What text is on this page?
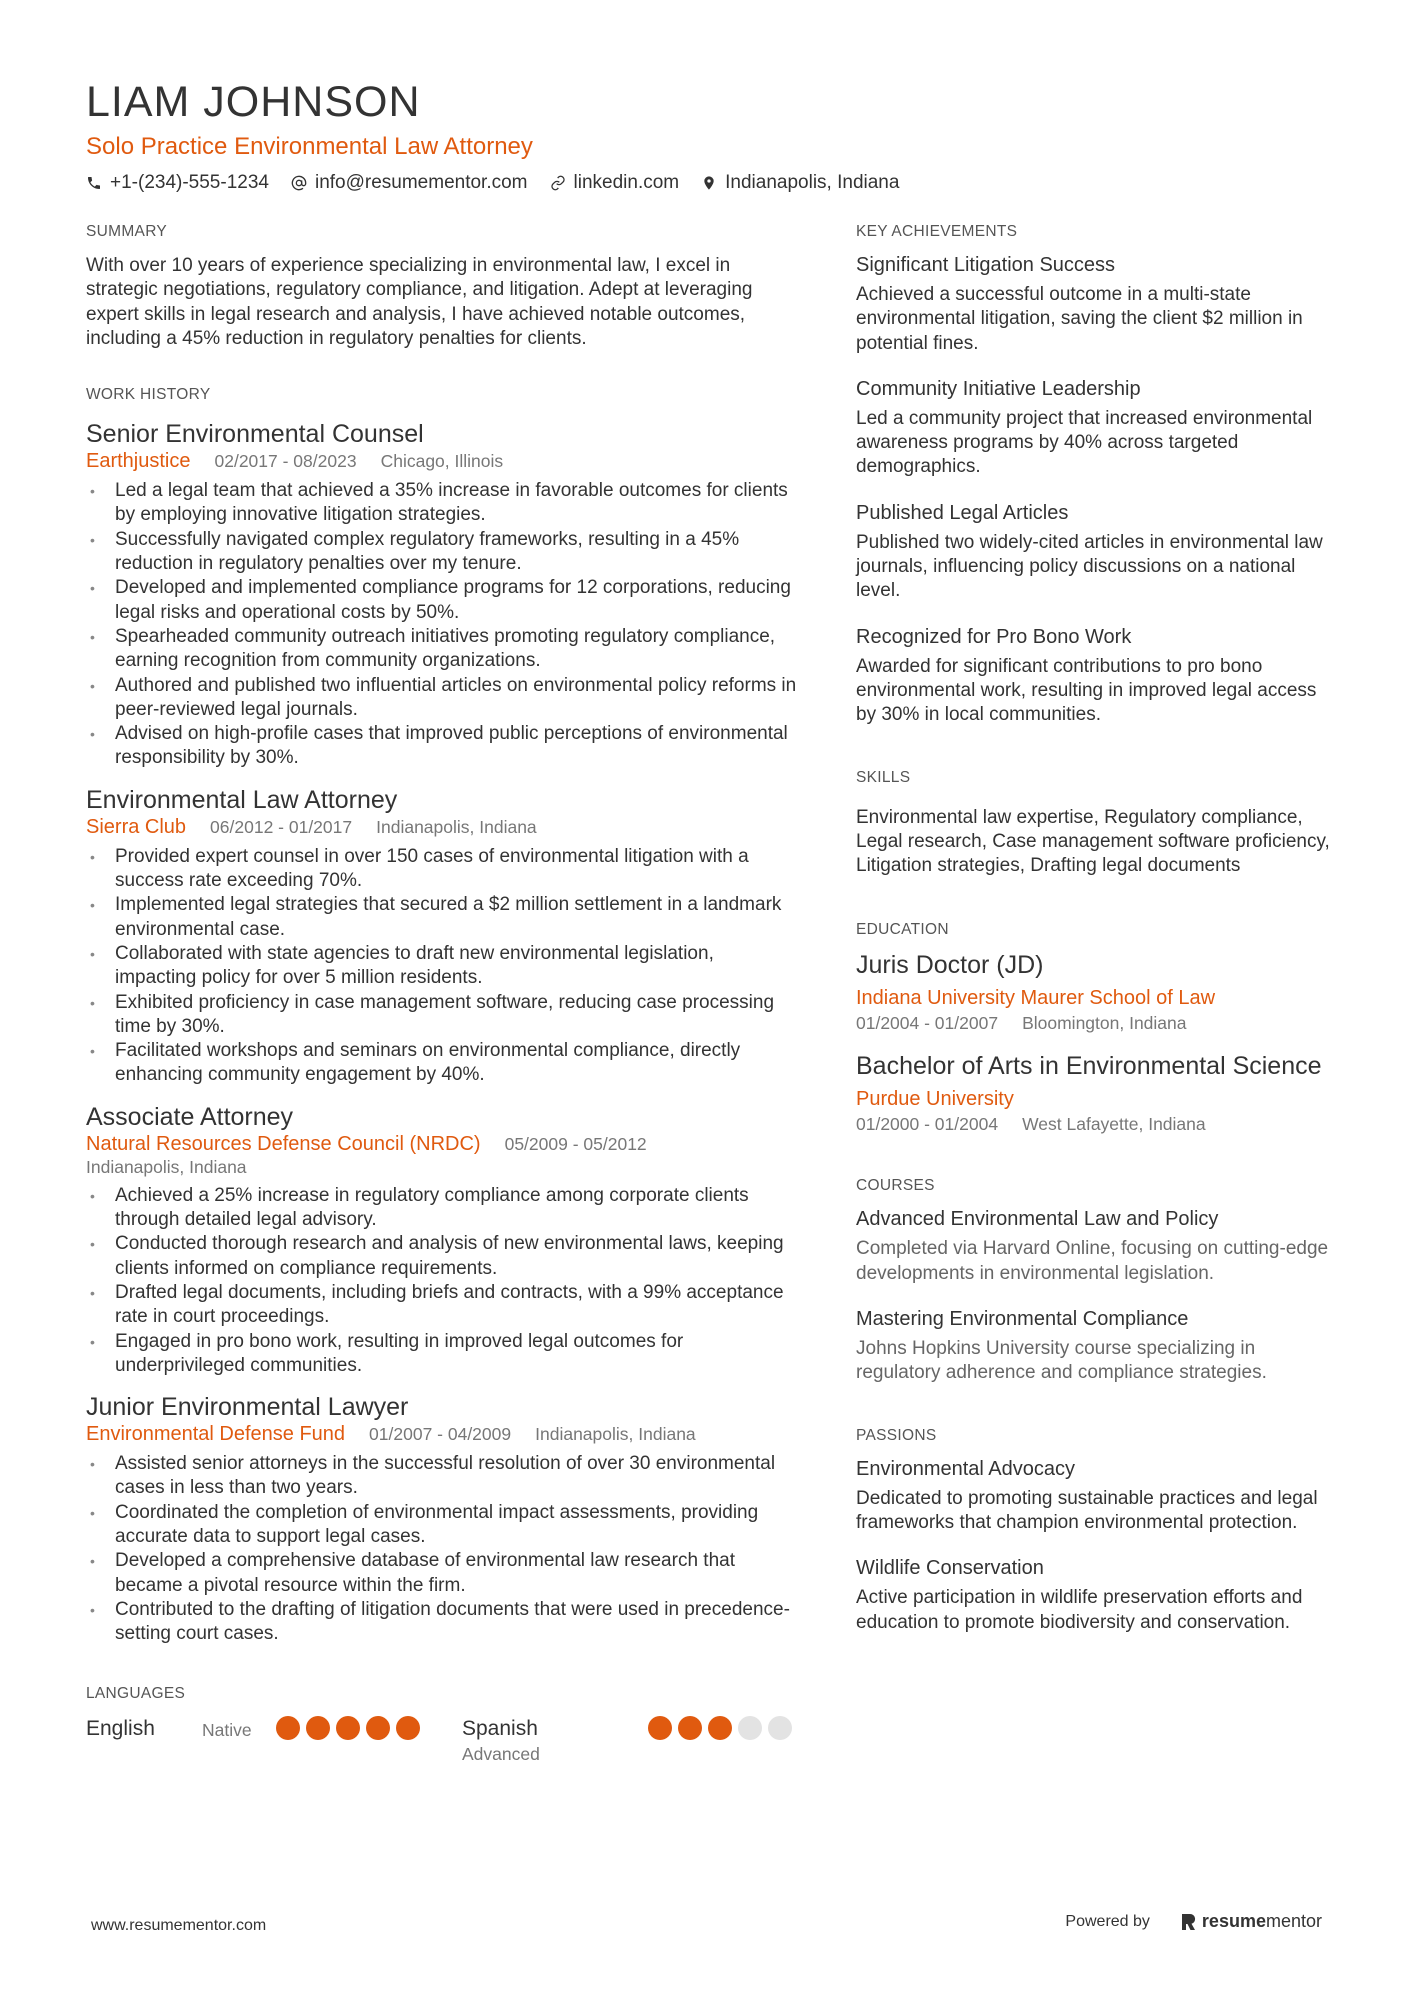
LIAM JOHNSON
Solo Practice Environmental Law Attorney
+1-(234)-555-1234 info@resumementor.com linkedin.com Indianapolis, Indiana
SUMMARY

With over 10 years of experience specializing in environmental law, I excel in strategic negotiations, regulatory compliance, and litigation. Adept at leveraging expert skills in legal research and analysis, I have achieved notable outcomes, including a 45% reduction in regulatory penalties for clients.

WORK HISTORY
Senior Environmental Counsel
Earthjustice 02/2017 - 08/2023 Chicago, Illinois
• Led a legal team that achieved a 35% increase in favorable outcomes for clients by employing innovative litigation strategies.
• Successfully navigated complex regulatory frameworks, resulting in a 45% reduction in regulatory penalties over my tenure.
• Developed and implemented compliance programs for 12 corporations, reducing legal risks and operational costs by 50%.
• Spearheaded community outreach initiatives promoting regulatory compliance, earning recognition from community organizations.
• Authored and published two influential articles on environmental policy reforms in peer-reviewed legal journals.
• Advised on high-profile cases that improved public perceptions of environmental responsibility by 30%.
Environmental Law Attorney
Sierra Club 06/2012 - 01/2017 Indianapolis, Indiana
• Provided expert counsel in over 150 cases of environmental litigation with a success rate exceeding 70%.
• Implemented legal strategies that secured a $2 million settlement in a landmark environmental case.
• Collaborated with state agencies to draft new environmental legislation, impacting policy for over 5 million residents.
• Exhibited proficiency in case management software, reducing case processing time by 30%.
• Facilitated workshops and seminars on environmental compliance, directly enhancing community engagement by 40%.
Associate Attorney
Natural Resources Defense Council (NRDC) 05/2009 - 05/2012
Indianapolis, Indiana
• Achieved a 25% increase in regulatory compliance among corporate clients through detailed legal advisory.
• Conducted thorough research and analysis of new environmental laws, keeping clients informed on compliance requirements.
• Drafted legal documents, including briefs and contracts, with a 99% acceptance rate in court proceedings.
• Engaged in pro bono work, resulting in improved legal outcomes for underprivileged communities.
Junior Environmental Lawyer
Environmental Defense Fund 01/2007 - 04/2009 Indianapolis, Indiana
• Assisted senior attorneys in the successful resolution of over 30 environmental cases in less than two years.
• Coordinated the completion of environmental impact assessments, providing accurate data to support legal cases.
• Developed a comprehensive database of environmental law research that became a pivotal resource within the firm.
• Contributed to the drafting of litigation documents that were used in precedence-setting court cases.
LANGUAGES
English	Native	Spanish
Advanced
KEY ACHIEVEMENTS
Significant Litigation Success
Achieved a successful outcome in a multi-state environmental litigation, saving the client $2 million in potential fines.
Community Initiative Leadership
Led a community project that increased environmental awareness programs by 40% across targeted demographics.
Published Legal Articles
Published two widely-cited articles in environmental law journals, influencing policy discussions on a national level.
Recognized for Pro Bono Work
Awarded for significant contributions to pro bono environmental work, resulting in improved legal access by 30% in local communities.
SKILLS
Environmental law expertise, Regulatory compliance, Legal research, Case management software proficiency, Litigation strategies, Drafting legal documents
EDUCATION
Juris Doctor (JD)
Indiana University Maurer School of Law
01/2004 - 01/2007 Bloomington, Indiana
Bachelor of Arts in Environmental Science
Purdue University
01/2000 - 01/2004 West Lafayette, Indiana
COURSES
Advanced Environmental Law and Policy
Completed via Harvard Online, focusing on cutting-edge developments in environmental legislation.
Mastering Environmental Compliance
Johns Hopkins University course specializing in regulatory adherence and compliance strategies.
PASSIONS
Environmental Advocacy
Dedicated to promoting sustainable practices and legal frameworks that champion environmental protection.
Wildlife Conservation
Active participation in wildlife preservation efforts and education to promote biodiversity and conservation.
www.resumementor.com	Powered by	resume mentor
